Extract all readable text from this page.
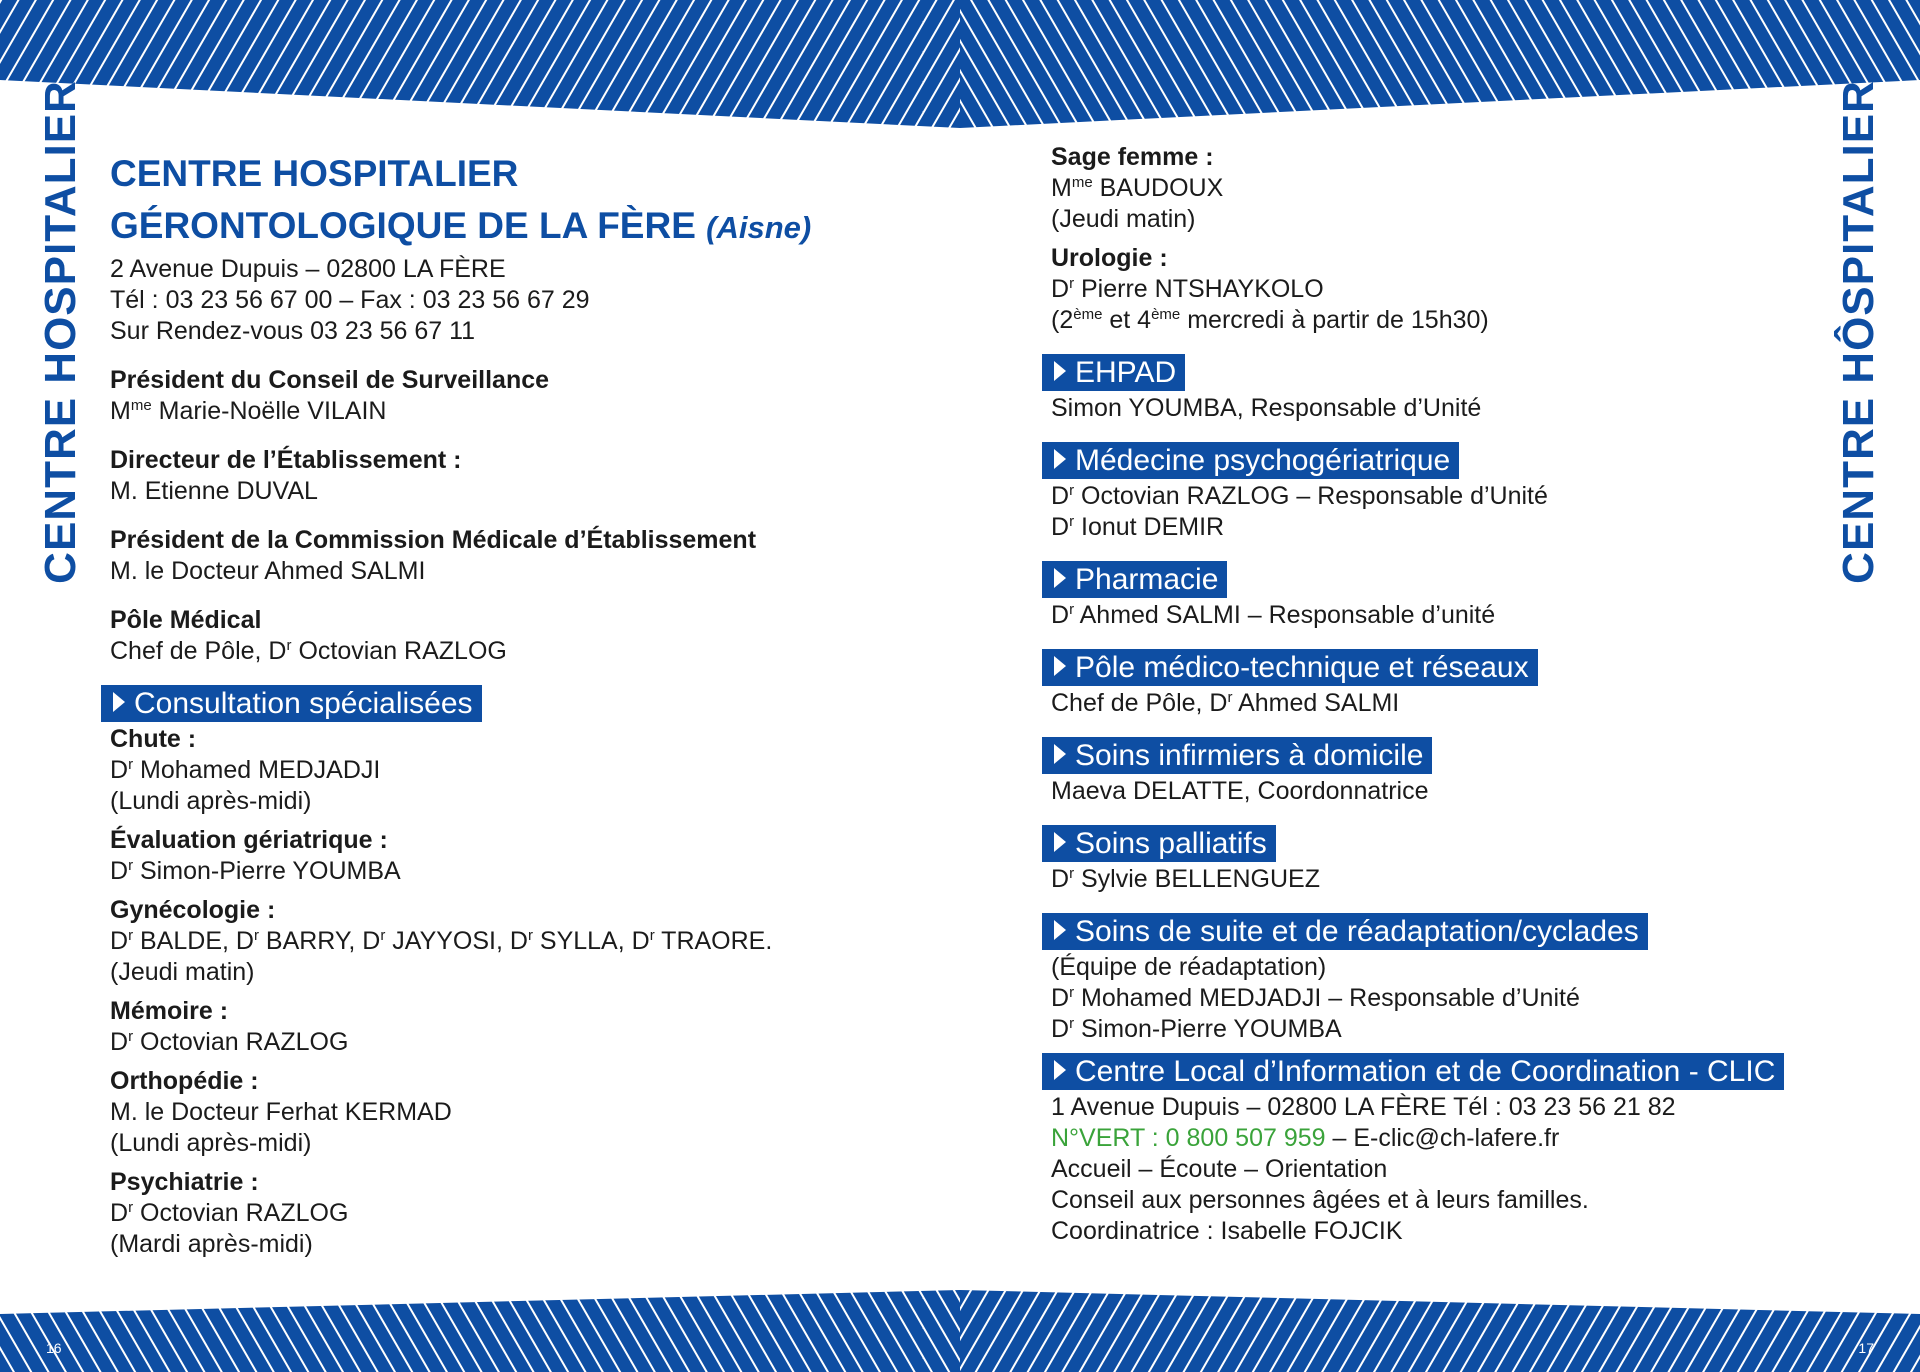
CENTRE HOSPITALIER	CENTRE HÔSPITALIER
16	17
CENTRE HOSPITALIER
GÉRONTOLOGIQUE DE LA FÈRE (Aisne)
2 Avenue Dupuis – 02800 LA FÈRE
Tél : 03 23 56 67 00 – Fax : 03 23 56 67 29
Sur Rendez-vous 03 23 56 67 11
Président du Conseil de Surveillance
$M^{me}$ Marie-Noëlle VILAIN
Directeur de l’Établissement :
M. Etienne DUVAL
Président de la Commission Médicale d’Établissement
M. le Docteur Ahmed SALMI
Pôle Médical
Chef de Pôle, $D^r$ Octovian RAZLOG
Consultation spécialisées
Chute :
$D^r$ Mohamed MEDJADJI
(Lundi après-midi)
Évaluation gériatrique :
$D^r$ Simon-Pierre YOUMBA
Gynécologie :
$D^r$ BALDE, $D^r$ BARRY, $D^r$ JAYYOSI, $D^r$ SYLLA, $D^r$ TRAORE.
(Jeudi matin)
Mémoire :
$D^r$ Octovian RAZLOG
Orthopédie :
M. le Docteur Ferhat KERMAD
(Lundi après-midi)
Psychiatrie :
$D^r$ Octovian RAZLOG
(Mardi après-midi)
Sage femme :
$M^{me}$ BAUDOUX
(Jeudi matin)
Urologie :
$D^r$ Pierre NTSHAYKOLO
(2ème et 4ème mercredi à partir de 15h30)
EHPAD
Simon YOUMBA, Responsable d’Unité
Médecine psychogériatrique
$D^r$ Octovian RAZLOG – Responsable d’Unité
$D^r$ Ionut DEMIR
Pharmacie
$D^r$ Ahmed SALMI – Responsable d’unité
Pôle médico-technique et réseaux
Chef de Pôle, $D^r$ Ahmed SALMI
Soins infirmiers à domicile
Maeva DELATTE, Coordonnatrice
Soins palliatifs
$D^r$ Sylvie BELLENGUEZ
Soins de suite et de réadaptation/cyclades
(Équipe de réadaptation)
$D^r$ Mohamed MEDJADJI – Responsable d’Unité
$D^r$ Simon-Pierre YOUMBA
Centre Local d’Information et de Coordination - CLIC
1 Avenue Dupuis – 02800 LA FÈRE Tél : 03 23 56 21 82
N°VERT : 0 800 507 959 – E-clic@ch-lafere.fr
Accueil – Écoute – Orientation
Conseil aux personnes âgées et à leurs familles.
Coordinatrice : Isabelle FOJCIK
